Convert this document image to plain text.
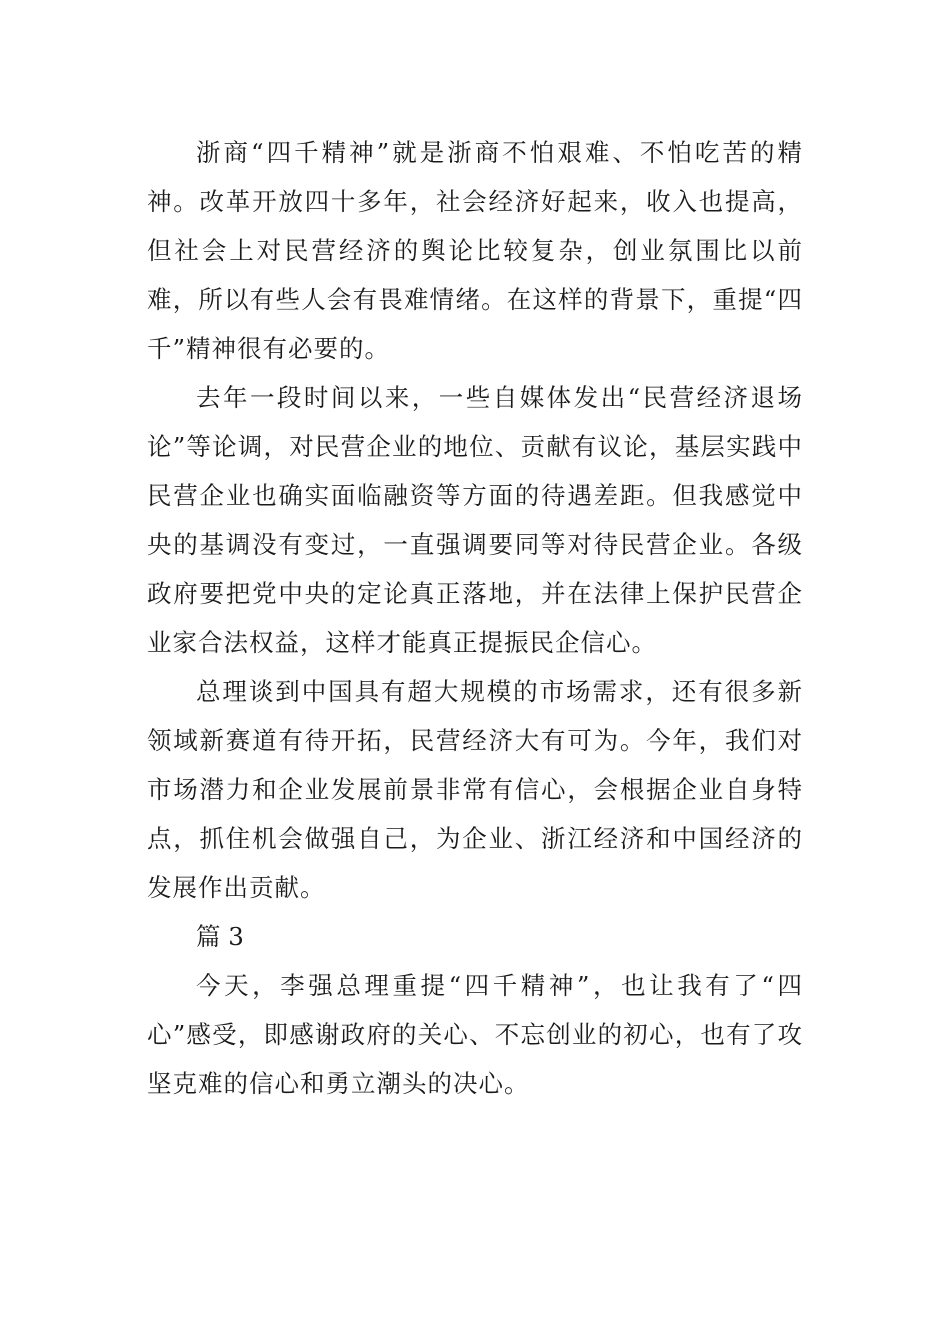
浙商“四千精神”就是浙商不怕艰难、不怕吃苦的精神。改革开放四十多年，社会经济好起来，收入也提高，但社会上对民营经济的舆论比较复杂，创业氛围比以前难，所以有些人会有畏难情绪。在这样的背景下，重提“四千”精神很有必要的。

去年一段时间以来，一些自媒体发出“民营经济退场论”等论调，对民营企业的地位、贡献有议论，基层实践中民营企业也确实面临融资等方面的待遇差距。但我感觉中央的基调没有变过，一直强调要同等对待民营企业。各级政府要把党中央的定论真正落地，并在法律上保护民营企业家合法权益，这样才能真正提振民企信心。

总理谈到中国具有超大规模的市场需求，还有很多新领域新赛道有待开拓，民营经济大有可为。今年，我们对市场潜力和企业发展前景非常有信心，会根据企业自身特点，抓住机会做强自己，为企业、浙江经济和中国经济的发展作出贡献。

篇 3

今天，李强总理重提“四千精神”，也让我有了“四心”感受，即感谢政府的关心、不忘创业的初心，也有了攻坚克难的信心和勇立潮头的决心。
